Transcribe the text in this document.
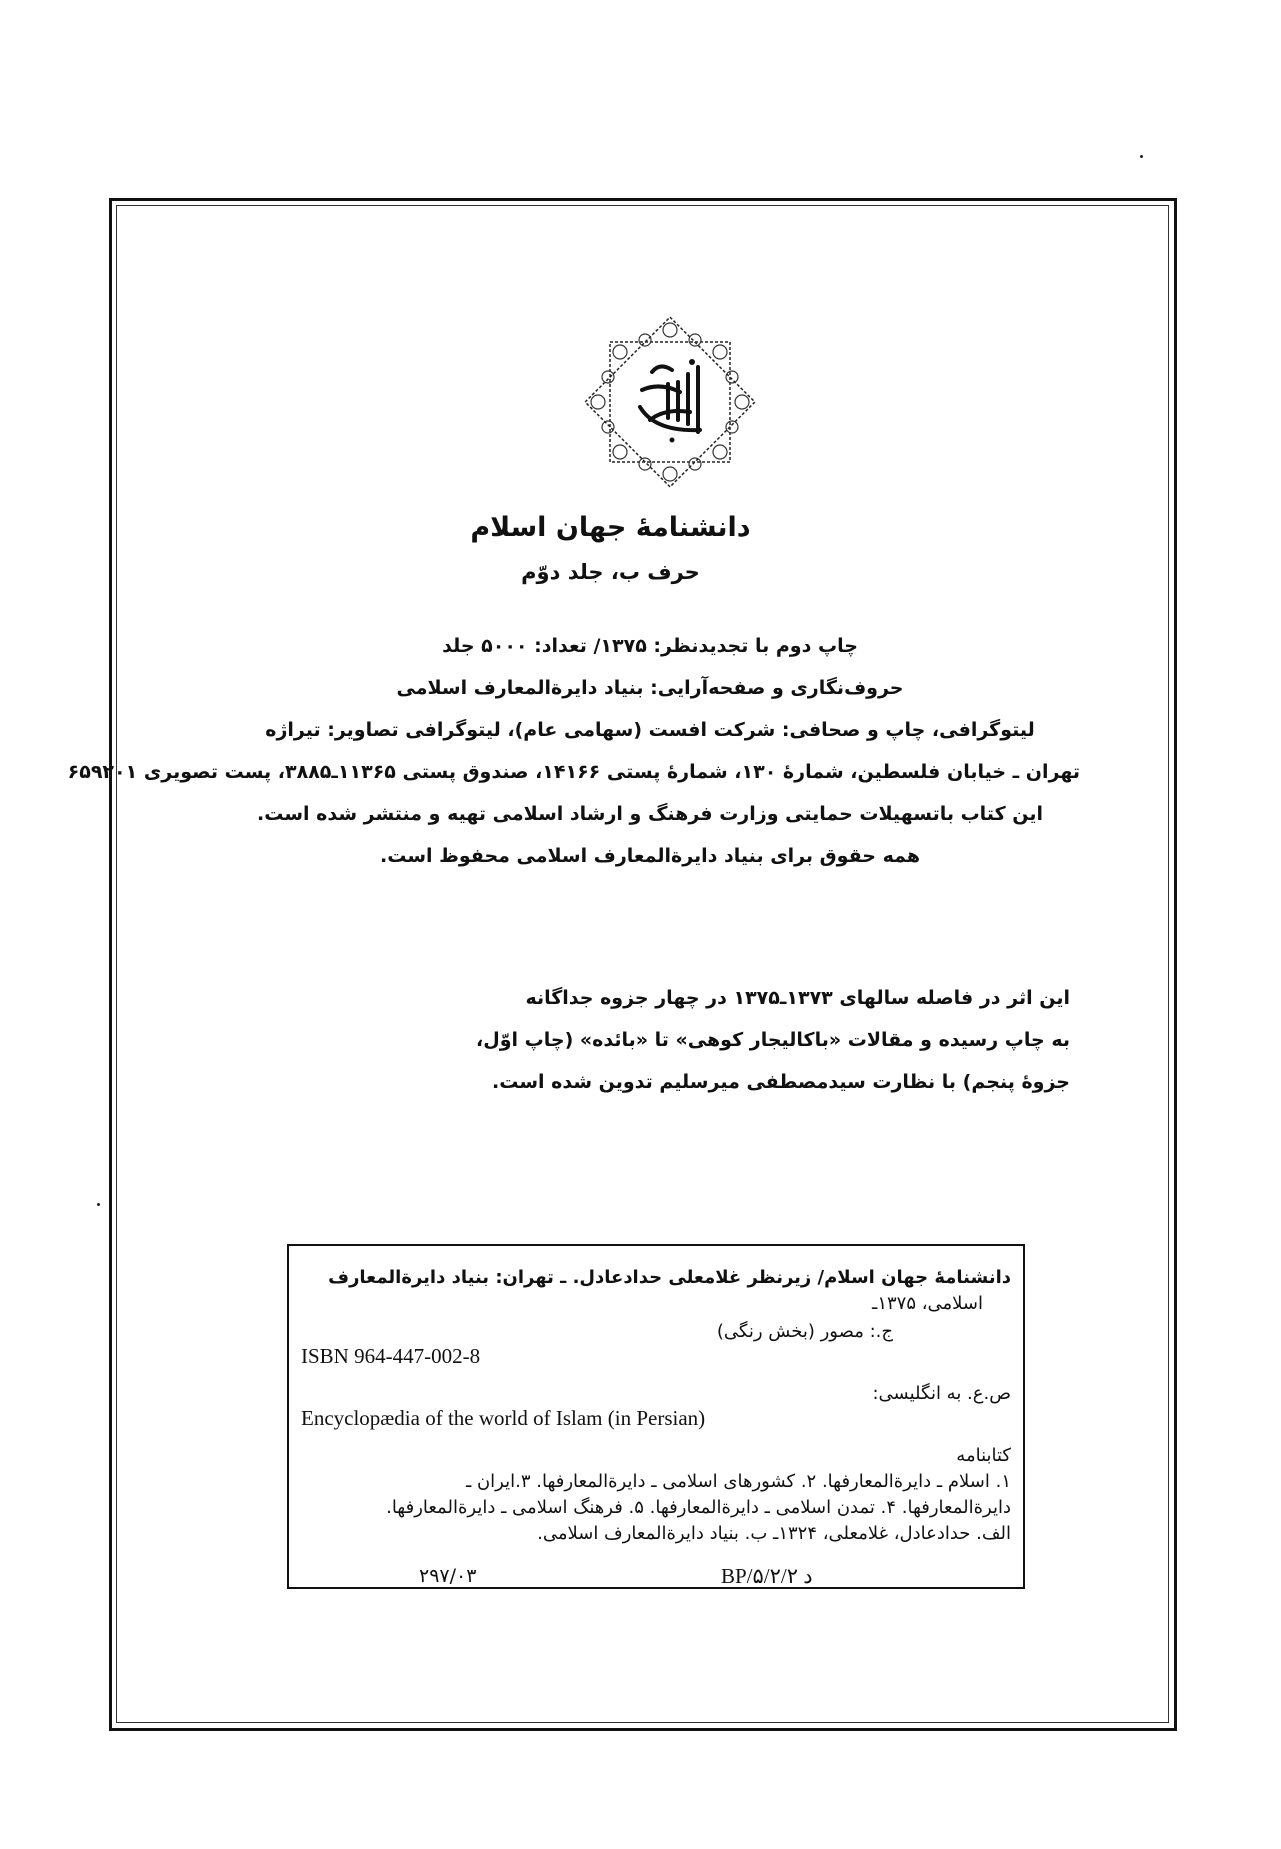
دانشنامهٔ جهان اسلام
حرف ب، جلد دوّم
چاپ دوم با تجدیدنظر: ۱۳۷۵/ تعداد: ۵۰۰۰ جلد
حروف‌نگاری و صفحه‌آرایی: بنیاد دایرةالمعارف اسلامی
لیتوگرافی، چاپ و صحافی: شرکت افست (سهامی عام)، لیتوگرافی تصاویر: تیراژه
تهران ـ خیابان فلسطین، شمارهٔ ۱۳۰، شمارهٔ پستی ۱۴۱۶۶، صندوق پستی ۱۱۳۶۵ـ۳۸۸۵، پست تصویری ۶۵۹۲۰۱
این کتاب باتسهیلات حمایتی وزارت فرهنگ و ارشاد اسلامی تهیه و منتشر شده است.
همه حقوق برای بنیاد دایرةالمعارف اسلامی محفوظ است.
این اثر در فاصله سالهای ۱۳۷۳ـ۱۳۷۵ در چهار جزوه جداگانه
به چاپ رسیده و مقالات «باکالیجار کوهی» تا «بائده» (چاپ اوّل،
جزوهٔ پنجم) با نظارت سیدمصطفی میرسلیم تدوین شده است.
دانشنامهٔ جهان اسلام/ زیرنظر غلامعلی حدادعادل. ـ تهران: بنیاد دایرةالمعارف
اسلامی، ۱۳۷۵ـ
ج.: مصور (بخش رنگی)
ISBN 964-447-002-8
ص.ع. به انگلیسی:
Encyclopædia of the world of Islam (in Persian)
کتابنامه
۱. اسلام ـ دایرةالمعارفها. ۲. کشورهای اسلامی ـ دایرةالمعارفها. ۳.ایران ـ
دایرةالمعارفها. ۴. تمدن اسلامی ـ دایرةالمعارفها. ۵. فرهنگ اسلامی ـ دایرةالمعارفها.
الف. حدادعادل، غلامعلی، ۱۳۲۴ـ ب. بنیاد دایرةالمعارف اسلامی.
۲۹۷/۰۳	BP/۵/۲/د ۲
